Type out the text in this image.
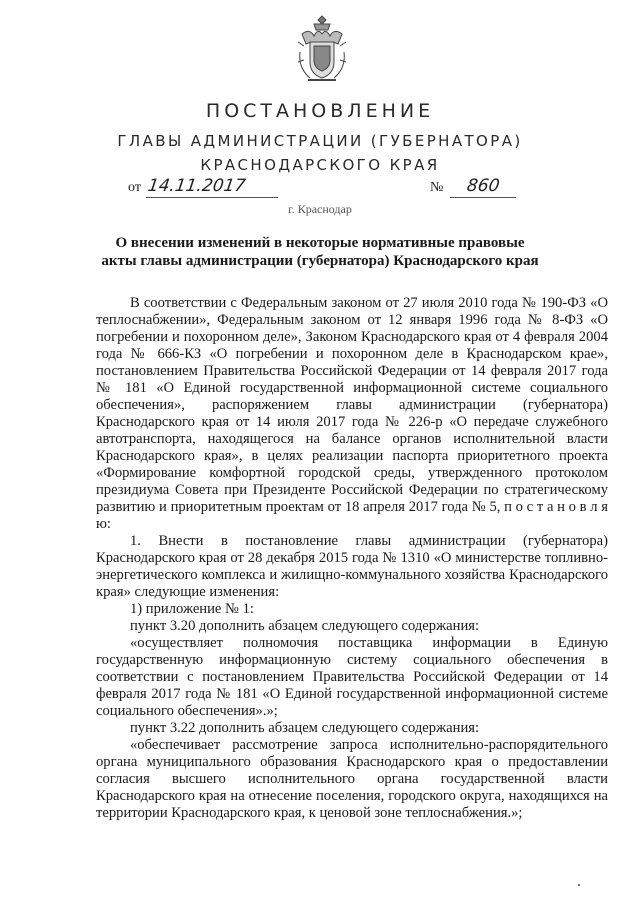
ПОСТАНОВЛЕНИЕ
ГЛАВЫ АДМИНИСТРАЦИИ (ГУБЕРНАТОРА)
КРАСНОДАРСКОГО КРАЯ
от 14.11.2017	№ 860
г. Краснодар
О внесении изменений в некоторые нормативные правовые
акты главы администрации (губернатора) Краснодарского края

В соответствии с Федеральным законом от 27 июля 2010 года № 190-ФЗ «О теплоснабжении», Федеральным законом от 12 января 1996 года № 8-ФЗ «О погребении и похоронном деле», Законом Краснодарского края от 4 февраля 2004 года № 666-КЗ «О погребении и похоронном деле в Краснодарском крае», постановлением Правительства Российской Федерации от 14 февраля 2017 года № 181 «О Единой государственной информационной системе социального обеспечения», распоряжением главы администрации (губернатора) Краснодарского края от 14 июля 2017 года № 226-р «О передаче служебного автотранспорта, находящегося на балансе органов исполнительной власти Краснодарского края», в целях реализации паспорта приоритетного проекта «Формирование комфортной городской среды, утвержденного протоколом президиума Совета при Президенте Российской Федерации по стратегическому развитию и приоритетным проектам от 18 апреля 2017 года № 5, п о с т а н о в л я ю:

1. Внести в постановление главы администрации (губернатора) Краснодарского края от 28 декабря 2015 года № 1310 «О министерстве топливно-энергетического комплекса и жилищно-коммунального хозяйства Краснодарского края» следующие изменения:

1) приложение № 1:

пункт 3.20 дополнить абзацем следующего содержания:

«осуществляет полномочия поставщика информации в Единую государственную информационную систему социального обеспечения в соответствии с постановлением Правительства Российской Федерации от 14 февраля 2017 года № 181 «О Единой государственной информационной системе социального обеспечения».»;

пункт 3.22 дополнить абзацем следующего содержания:

«обеспечивает рассмотрение запроса исполнительно-распорядительного органа муниципального образования Краснодарского края о предоставлении согласия высшего исполнительного органа государственной власти Краснодарского края на отнесение поселения, городского округа, находящихся на территории Краснодарского края, к ценовой зоне теплоснабжения.»;
